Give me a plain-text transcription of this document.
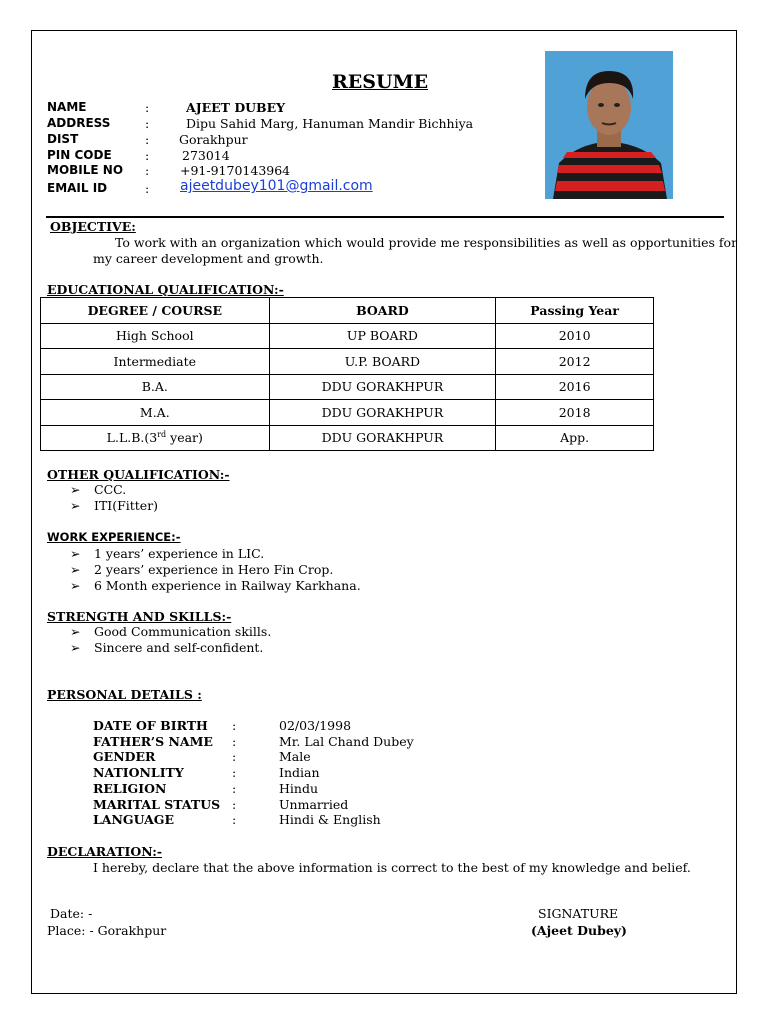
RESUME
NAME	:	AJEET DUBEY
ADDRESS	:	Dipu Sahid Marg, Hanuman Mandir Bichhiya
DIST	: Gorakhpur
PIN CODE	:	273014
MOBILE NO : +91-9170143964
EMAIL ID	: ajeetdubey101@gmail.com
OBJECTIVE:
To work with an organization which would provide me responsibilities as well as opportunities for
my career development and growth.
EDUCATIONAL QUALIFICATION:-
DEGREE / COURSE	BOARD	Passing Year
High School	UP BOARD	2010
Intermediate	U.P. BOARD	2012
B.A.	DDU GORAKHPUR	2016
M.A.	DDU GORAKHPUR	2018
L.L.B.(3rd year)	DDU GORAKHPUR	App.
OTHER QUALIFICATION:-
➢ CCC.
➢ ITI(Fitter)
WORK EXPERIENCE:-
➢ 1 years’ experience in LIC.
➢ 2 years’ experience in Hero Fin Crop.
➢ 6 Month experience in Railway Karkhana.
STRENGTH AND SKILLS:-
➢ Good Communication skills.
➢ Sincere and self-confident.
PERSONAL DETAILS :
DATE OF BIRTH :	02/03/1998
FATHER’S NAME :	Mr. Lal Chand Dubey
GENDER	:	Male
NATIONLITY	:	Indian
RELIGION	:	Hindu
MARITAL STATUS :	Unmarried
LANGUAGE	:	Hindi & English
DECLARATION:-
I hereby, declare that the above information is correct to the best of my knowledge and belief.
Date: -
Place: - Gorakhpur
SIGNATURE
(Ajeet Dubey)
